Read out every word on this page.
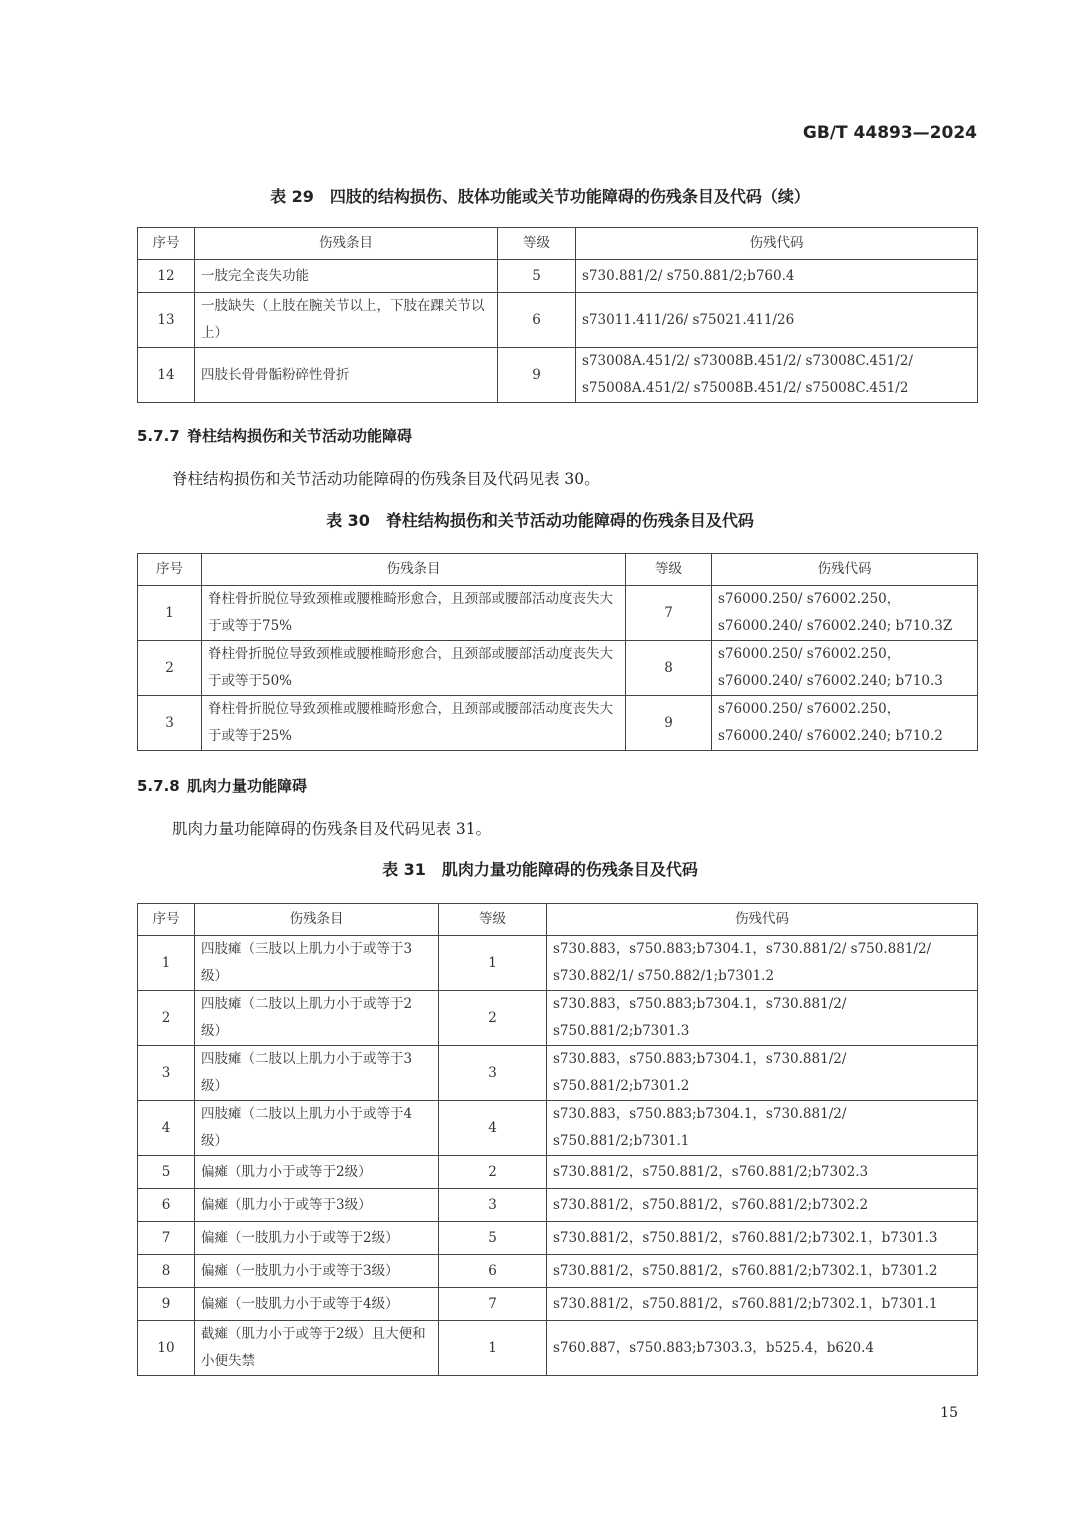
GB/T 44893—2024
表 29　四肢的结构损伤、肢体功能或关节功能障碍的伤残条目及代码（续）
序号	伤残条目	等级	伤残代码
12	一肢完全丧失功能	5	s730.881/2/ s750.881/2;b760.4
13	一肢缺失（上肢在腕关节以上，下肢在踝关节以上）	6	s73011.411/26/ s75021.411/26
14	四肢长骨骨骺粉碎性骨折	9	s73008A.451/2/ s73008B.451/2/ s73008C.451/2/ s75008A.451/2/ s75008B.451/2/ s75008C.451/2
5.7.7 脊柱结构损伤和关节活动功能障碍
脊柱结构损伤和关节活动功能障碍的伤残条目及代码见表 30。
表 30　脊柱结构损伤和关节活动功能障碍的伤残条目及代码
序号	伤残条目	等级	伤残代码
1	脊柱骨折脱位导致颈椎或腰椎畸形愈合，且颈部或腰部活动度丧失大于或等于75%	7	s76000.250/ s76002.250，s76000.240/ s76002.240; b710.3Z
2	脊柱骨折脱位导致颈椎或腰椎畸形愈合，且颈部或腰部活动度丧失大于或等于50%	8	s76000.250/ s76002.250，s76000.240/ s76002.240; b710.3
3	脊柱骨折脱位导致颈椎或腰椎畸形愈合，且颈部或腰部活动度丧失大于或等于25%	9	s76000.250/ s76002.250，s76000.240/ s76002.240; b710.2
5.7.8 肌肉力量功能障碍
肌肉力量功能障碍的伤残条目及代码见表 31。
表 31　肌肉力量功能障碍的伤残条目及代码
序号	伤残条目	等级	伤残代码
1	四肢瘫（三肢以上肌力小于或等于3级）	1	s730.883，s750.883;b7304.1，s730.881/2/ s750.881/2/ s730.882/1/ s750.882/1;b7301.2
2	四肢瘫（二肢以上肌力小于或等于2级）	2	s730.883，s750.883;b7304.1，s730.881/2/ s750.881/2;b7301.3
3	四肢瘫（二肢以上肌力小于或等于3级）	3	s730.883，s750.883;b7304.1，s730.881/2/ s750.881/2;b7301.2
4	四肢瘫（二肢以上肌力小于或等于4级）	4	s730.883，s750.883;b7304.1，s730.881/2/ s750.881/2;b7301.1
5	偏瘫（肌力小于或等于2级）	2	s730.881/2，s750.881/2，s760.881/2;b7302.3
6	偏瘫（肌力小于或等于3级）	3	s730.881/2，s750.881/2，s760.881/2;b7302.2
7	偏瘫（一肢肌力小于或等于2级）	5	s730.881/2，s750.881/2，s760.881/2;b7302.1，b7301.3
8	偏瘫（一肢肌力小于或等于3级）	6	s730.881/2，s750.881/2，s760.881/2;b7302.1，b7301.2
9	偏瘫（一肢肌力小于或等于4级）	7	s730.881/2，s750.881/2，s760.881/2;b7302.1，b7301.1
10	截瘫（肌力小于或等于2级）且大便和小便失禁	1	s760.887，s750.883;b7303.3，b525.4，b620.4
15
